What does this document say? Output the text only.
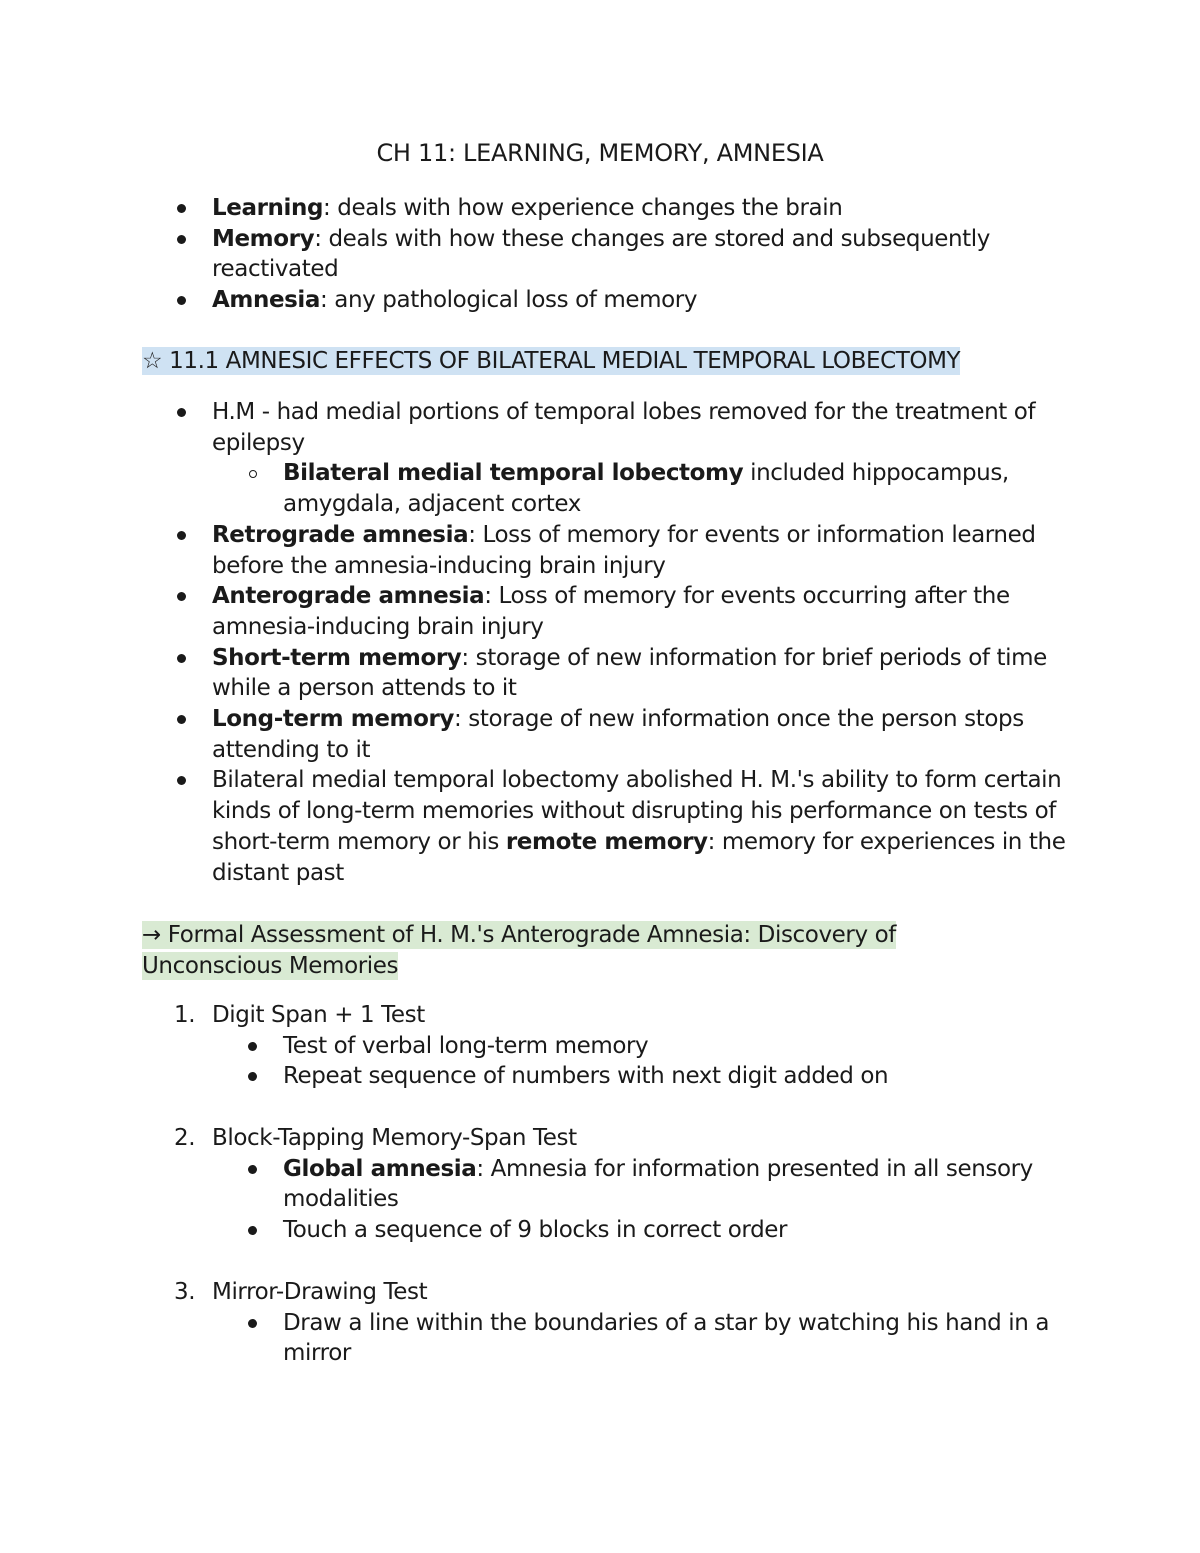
CH 11: LEARNING, MEMORY, AMNESIA
Learning: deals with how experience changes the brain
Memory: deals with how these changes are stored and subsequently reactivated
Amnesia: any pathological loss of memory
☆ 11.1 AMNESIC EFFECTS OF BILATERAL MEDIAL TEMPORAL LOBECTOMY
H.M - had medial portions of temporal lobes removed for the treatment of epilepsy
Bilateral medial temporal lobectomy included hippocampus, amygdala, adjacent cortex
Retrograde amnesia: Loss of memory for events or information learned before the amnesia-inducing brain injury
Anterograde amnesia: Loss of memory for events occurring after the amnesia-inducing brain injury
Short-term memory: storage of new information for brief periods of time while a person attends to it
Long-term memory: storage of new information once the person stops attending to it
Bilateral medial temporal lobectomy abolished H. M.'s ability to form certain kinds of long-term memories without disrupting his performance on tests of short-term memory or his remote memory: memory for experiences in the distant past
→ Formal Assessment of H. M.'s Anterograde Amnesia: Discovery of Unconscious Memories
1. Digit Span + 1 Test
Test of verbal long-term memory
Repeat sequence of numbers with next digit added on
2. Block-Tapping Memory-Span Test
Global amnesia: Amnesia for information presented in all sensory modalities
Touch a sequence of 9 blocks in correct order
3. Mirror-Drawing Test
Draw a line within the boundaries of a star by watching his hand in a mirror
